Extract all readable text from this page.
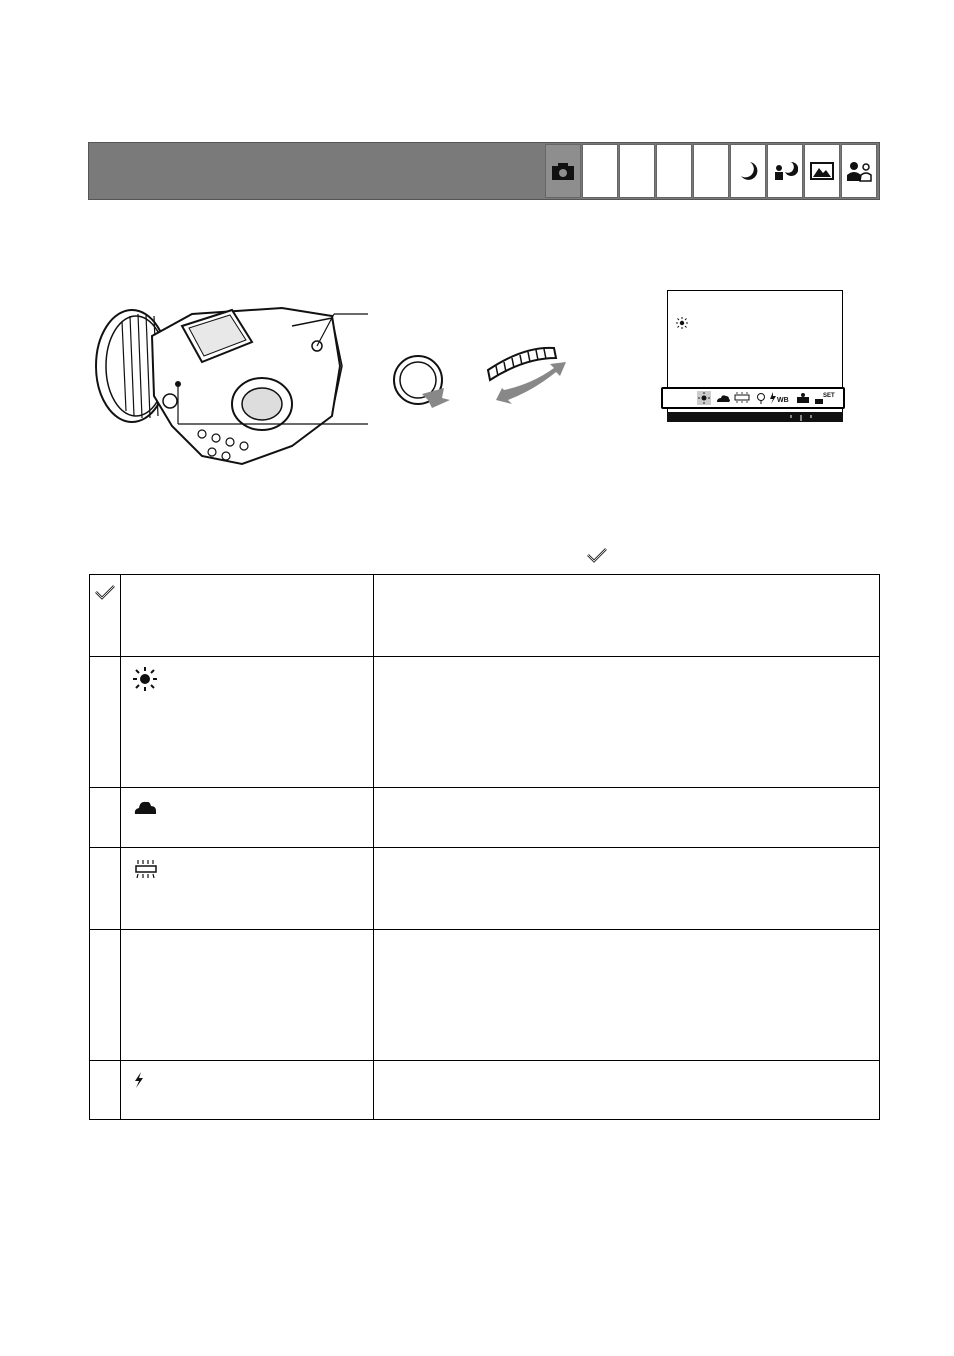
WB
SET
